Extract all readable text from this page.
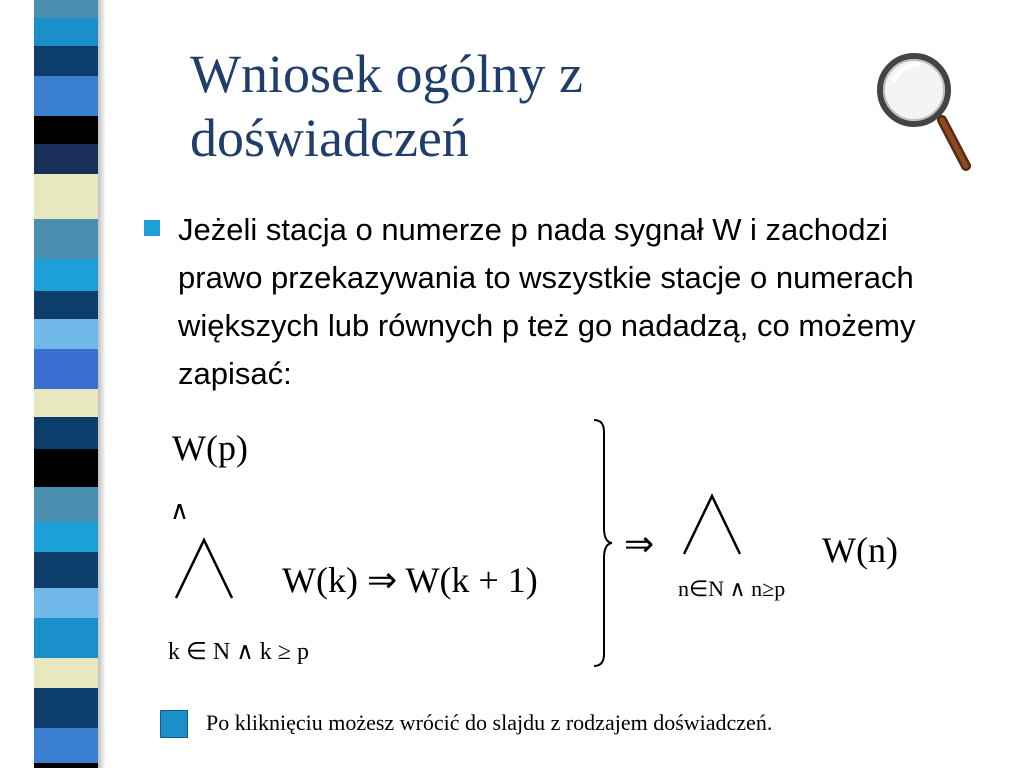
Wniosek ogólny z doświadczeń

Jeżeli stacja o numerze p nada sygnał W i zachodzi prawo przekazywania to wszystkie stacje o numerach większych lub równych p też go nadadzą, co możemy zapisać:

W(p)
∧
W(k) ⇒ W(k + 1)
k ∈ N ∧ k ≥ p
⇒
n∈N ∧ n≥p
W(n)
Po kliknięciu możesz wrócić do slajdu z rodzajem doświadczeń.
